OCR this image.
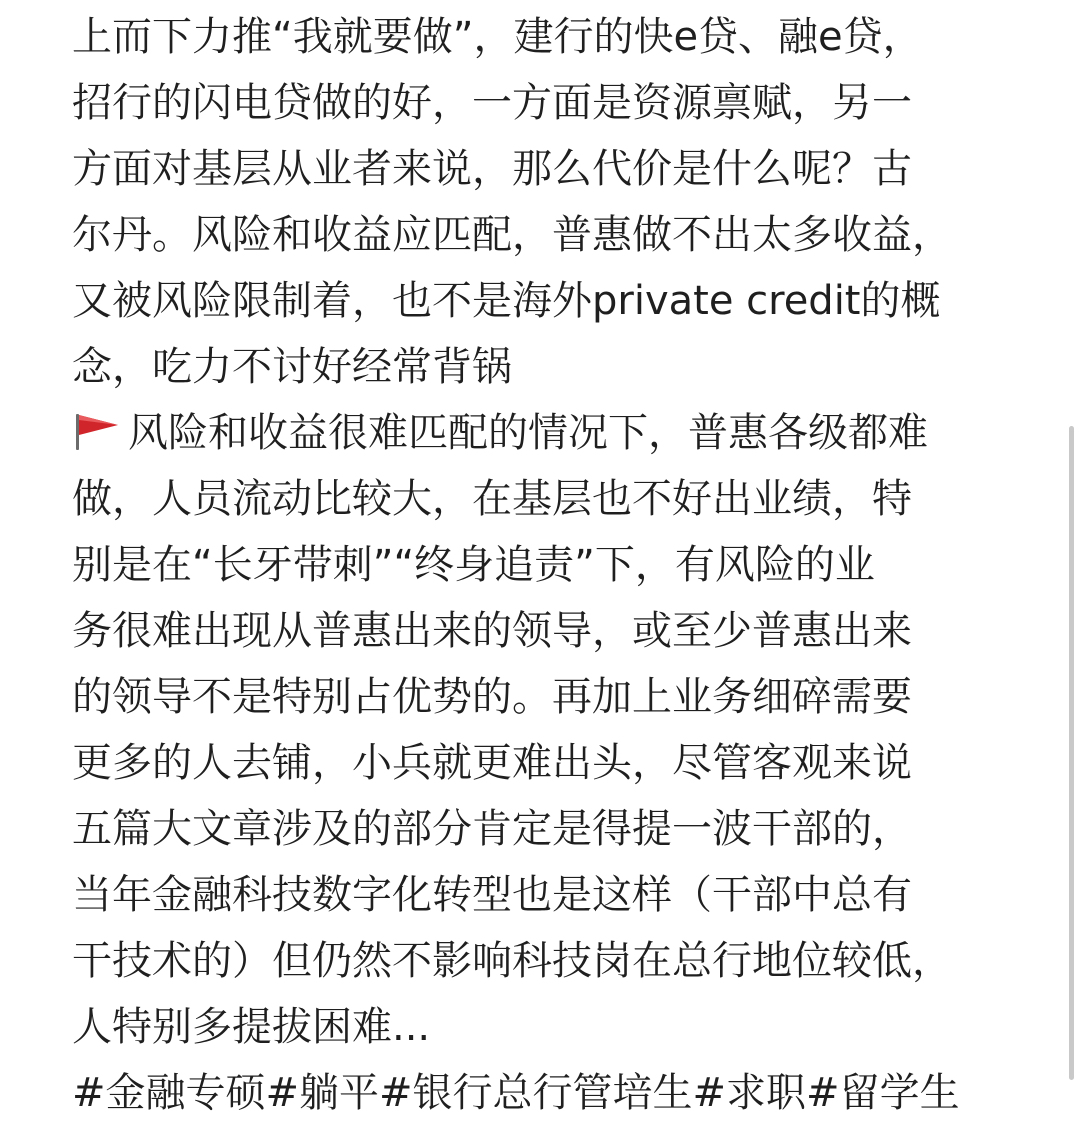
上而下力推“我就要做”，建行的快e贷、融e贷，
招行的闪电贷做的好，一方面是资源禀赋，另一
方面对基层从业者来说，那么代价是什么呢？古
尔丹。风险和收益应匹配，普惠做不出太多收益，
又被风险限制着，也不是海外private credit的概
念，吃力不讨好经常背锅
风险和收益很难匹配的情况下，普惠各级都难
做，人员流动比较大，在基层也不好出业绩，特
别是在“长牙带刺”“终身追责”下，有风险的业
务很难出现从普惠出来的领导，或至少普惠出来
的领导不是特别占优势的。再加上业务细碎需要
更多的人去铺，小兵就更难出头，尽管客观来说
五篇大文章涉及的部分肯定是得提一波干部的，
当年金融科技数字化转型也是这样（干部中总有
干技术的）但仍然不影响科技岗在总行地位较低，
人特别多提拔困难...
#金融专硕#躺平#银行总行管培生#求职#留学生
